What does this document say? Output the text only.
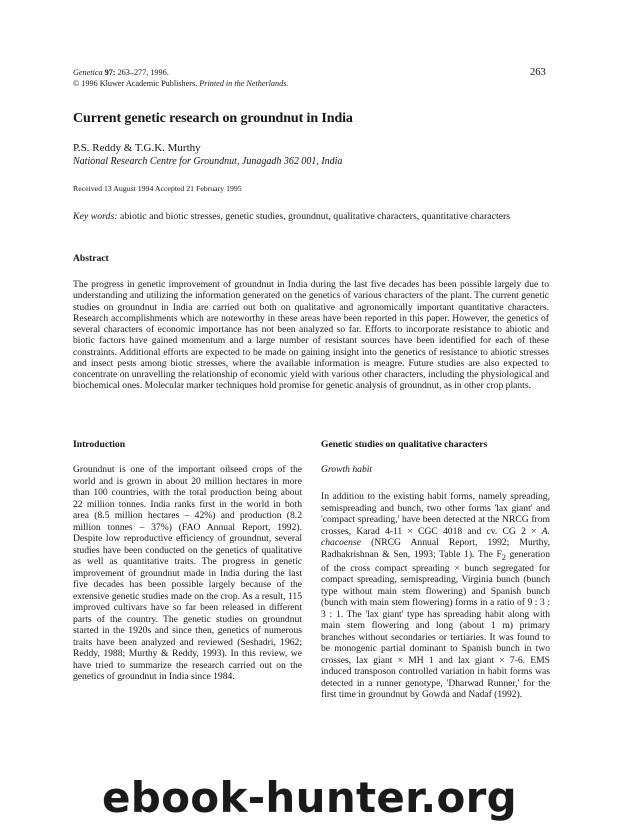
Genetica 97: 263–277, 1996.
© 1996 Kluwer Academic Publishers. Printed in the Netherlands.
263
Current genetic research on groundnut in India
P.S. Reddy & T.G.K. Murthy
National Research Centre for Groundnut, Junagadh 362 001, India
Received 13 August 1994 Accepted 21 February 1995
Key words: abiotic and biotic stresses, genetic studies, groundnut, qualitative characters, quantitative characters
Abstract

The progress in genetic improvement of groundnut in India during the last five decades has been possible largely due to understanding and utilizing the information generated on the genetics of various characters of the plant. The current genetic studies on groundnut in India are carried out both on qualitative and agronomically important quantitative characters. Research accomplishments which are noteworthy in these areas have been reported in this paper. However, the genetics of several characters of economic importance has not been analyzed so far. Efforts to incorporate resistance to abiotic and biotic factors have gained momentum and a large number of resistant sources have been identified for each of these constraints. Additional efforts are expected to be made on gaining insight into the genetics of resistance to abiotic stresses and insect pests among biotic stresses, where the available information is meagre. Future studies are also expected to concentrate on unravelling the relationship of economic yield with various other characters, including the physiological and biochemical ones. Molecular marker techniques hold promise for genetic analysis of groundnut, as in other crop plants.

Introduction

Groundnut is one of the important oilseed crops of the world and is grown in about 20 million hectares in more than 100 countries, with the total production being about 22 million tonnes. India ranks first in the world in both area (8.5 million hectares – 42%) and production (8.2 million tonnes – 37%) (FAO Annual Report, 1992). Despite low reproductive efficiency of groundnut, several studies have been conducted on the genetics of qualitative as well as quantitative traits. The progress in genetic improvement of groundnut made in India during the last five decades has been possible largely because of the extensive genetic studies made on the crop. As a result, 115 improved cultivars have so far been released in different parts of the country. The genetic studies on groundnut started in the 1920s and since then, genetics of numerous traits have been analyzed and reviewed (Seshadri, 1962; Reddy, 1988; Murthy & Reddy, 1993). In this review, we have tried to summarize the research carried out on the genetics of groundnut in India since 1984.

Genetic studies on qualitative characters
Growth habit

In addition to the existing habit forms, namely spreading, semispreading and bunch, two other forms 'lax giant' and 'compact spreading,' have been detected at the NRCG from crosses, Karad 4-11 × CGC 4018 and cv. CG 2 × A. chacoense (NRCG Annual Report, 1992; Murthy, Radhakrishnan & Sen, 1993; Table 1). The $F_2$ generation of the cross compact spreading × bunch segregated for compact spreading, semispreading, Virginia bunch (bunch type without main stem flowering) and Spanish bunch (bunch with main stem flowering) forms in a ratio of 9 : 3 : 3 : 1. The 'lax giant' type has spreading habit along with main stem flowering and long (about 1 m) primary branches without secondaries or tertiaries. It was found to be monogenic partial dominant to Spanish bunch in two crosses, lax giant × MH 1 and lax giant × 7-6. EMS induced transposon controlled variation in habit forms was detected in a runner genotype, 'Dharwad Runner,' for the first time in groundnut by Gowda and Nadaf (1992).

ebook-hunter.org
